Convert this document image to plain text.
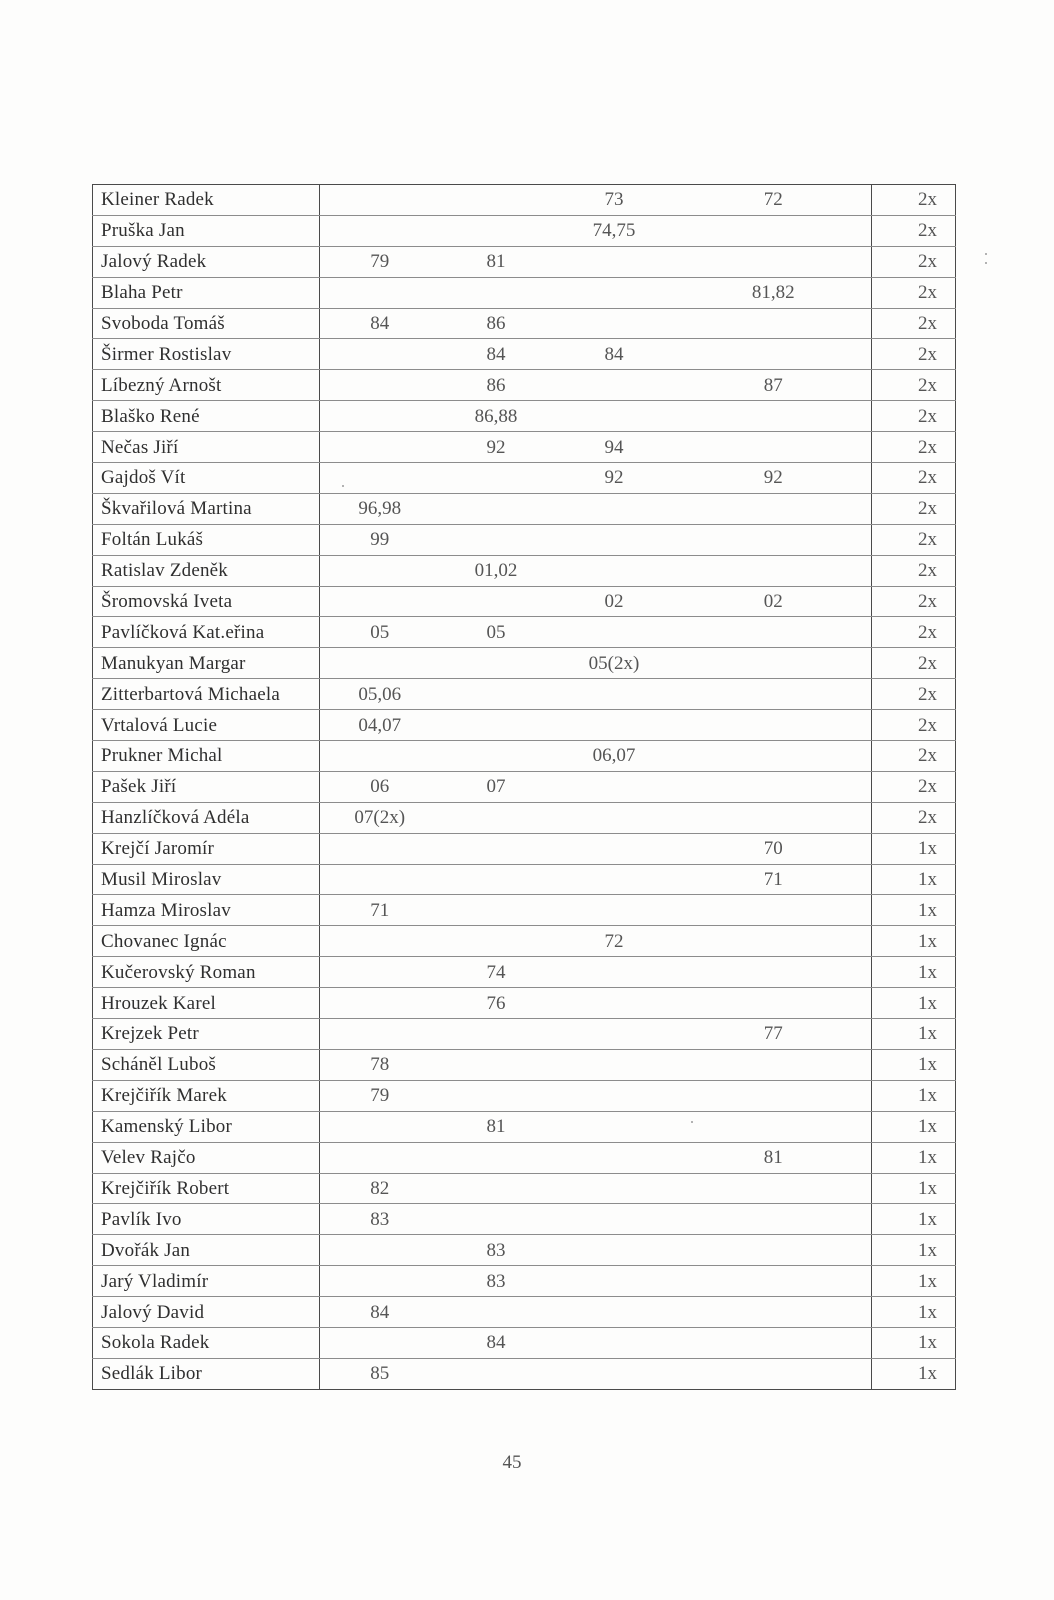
Kleiner Radek			73	72	2x
Pruška Jan			74,75		2x
Jalový Radek	79	81			2x
Blaha Petr				81,82	2x
Svoboda Tomáš	84	86			2x
Širmer Rostislav		84	84		2x
Líbezný Arnošt		86		87	2x
Blaško René		86,88			2x
Nečas Jiří		92	94		2x
Gajdoš Vít			92	92	2x
Škvařilová Martina	96,98				2x
Foltán Lukáš	99				2x
Ratislav Zdeněk		01,02			2x
Šromovská Iveta			02	02	2x
Pavlíčková Kat.eřina	05	05			2x
Manukyan Margar			05(2x)		2x
Zitterbartová Michaela	05,06				2x
Vrtalová Lucie	04,07				2x
Prukner Michal			06,07		2x
Pašek Jiří	06	07			2x
Hanzlíčková Adéla	07(2x)				2x
Krejčí Jaromír				70	1x
Musil Miroslav				71	1x
Hamza Miroslav	71				1x
Chovanec Ignác			72		1x
Kučerovský Roman		74			1x
Hrouzek Karel		76			1x
Krejzek Petr				77	1x
Scháněl Luboš	78				1x
Krejčiřík Marek	79				1x
Kamenský Libor		81			1x
Velev Rajčo				81	1x
Krejčiřík Robert	82				1x
Pavlík Ivo	83				1x
Dvořák Jan		83			1x
Jarý Vladimír		83			1x
Jalový David	84				1x
Sokola Radek		84			1x
Sedlák Libor	85				1x
45
